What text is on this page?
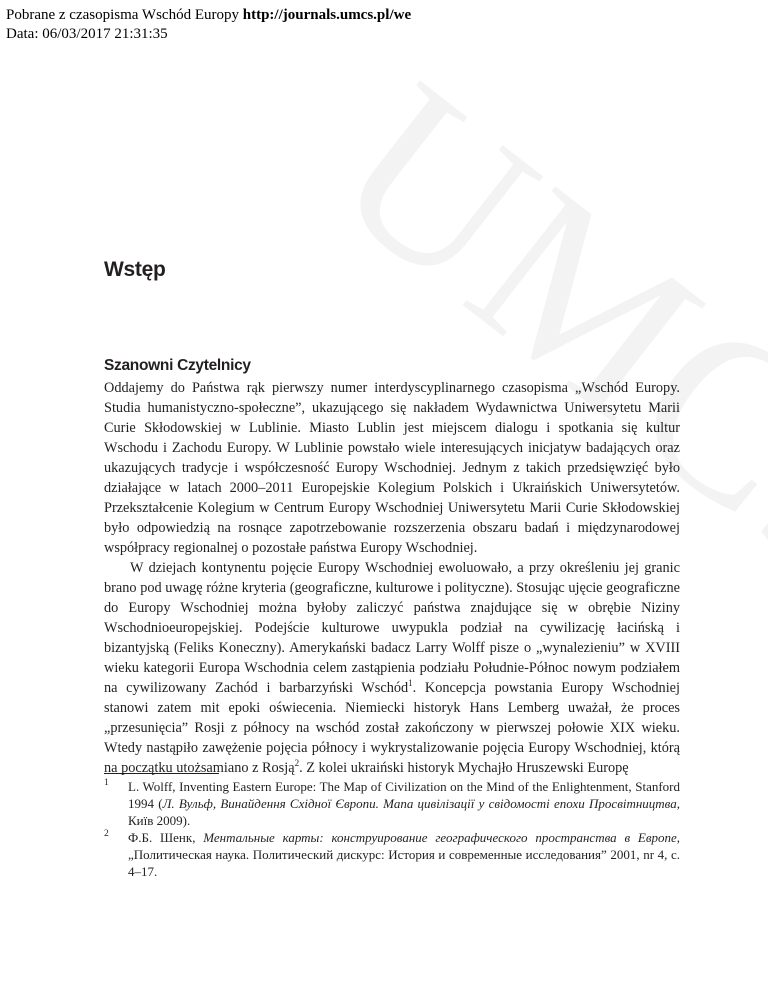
Pobrane z czasopisma Wschód Europy http://journals.umcs.pl/we
Data: 06/03/2017 21:31:35
Wstęp
Szanowni Czytelnicy

Oddajemy do Państwa rąk pierwszy numer interdyscyplinarnego czasopisma „Wschód Europy. Studia humanistyczno-społeczne”, ukazującego się nakładem Wydawnictwa Uniwersytetu Marii Curie Skłodowskiej w Lublinie. Miasto Lublin jest miejscem dialogu i spotkania się kultur Wschodu i Zachodu Europy. W Lublinie powstało wiele interesujących inicjatyw badających oraz ukazujących tradycje i współczesność Europy Wschodniej. Jednym z takich przedsięwzięć było działające w latach 2000–2011 Europejskie Kolegium Polskich i Ukraińskich Uniwersytetów. Przekształcenie Kolegium w Centrum Europy Wschodniej Uniwersytetu Marii Curie Skłodowskiej było odpowiedzią na rosnące zapotrzebowanie rozszerzenia obszaru badań i międzynarodowej współpracy regionalnej o pozostałe państwa Europy Wschodniej.

W dziejach kontynentu pojęcie Europy Wschodniej ewoluowało, a przy określeniu jej granic brano pod uwagę różne kryteria (geograficzne, kulturowe i polityczne). Stosując ujęcie geograficzne do Europy Wschodniej można byłoby zaliczyć państwa znajdujące się w obrębie Niziny Wschodnioeuropejskiej. Podejście kulturowe uwypukla podział na cywilizację łacińską i bizantyjską (Feliks Koneczny). Amerykański badacz Larry Wolff pisze o „wynalezieniu” w XVIII wieku kategorii Europa Wschodnia celem zastąpienia podziału Południe-Północ nowym podziałem na cywilizowany Zachód i barbarzyński Wschód$^1$. Koncepcja powstania Europy Wschodniej stanowi zatem mit epoki oświecenia. Niemiecki historyk Hans Lemberg uważał, że proces „przesunięcia” Rosji z północy na wschód został zakończony w pierwszej połowie XIX wieku. Wtedy nastąpiło zawężenie pojęcia północy i wykrystalizowanie pojęcia Europy Wschodniej, którą na początku utożsamiano z Rosją$^2$. Z kolei ukraiński historyk Mychajło Hruszewski Europę

1 L. Wolff, Inventing Eastern Europe: The Map of Civilization on the Mind of the Enlightenment, Stanford 1994 (Л. Вульф, Винайдення Східної Європи. Мапа цивілізації у свідомості епохи Просвітництва, Київ 2009).
2 Ф.Б. Шенк, Ментальные карты: конструирование географического пространства в Европе, „Политическая наука. Политический дискурс: История и современные исследования” 2001, nr 4, с. 4–17.
